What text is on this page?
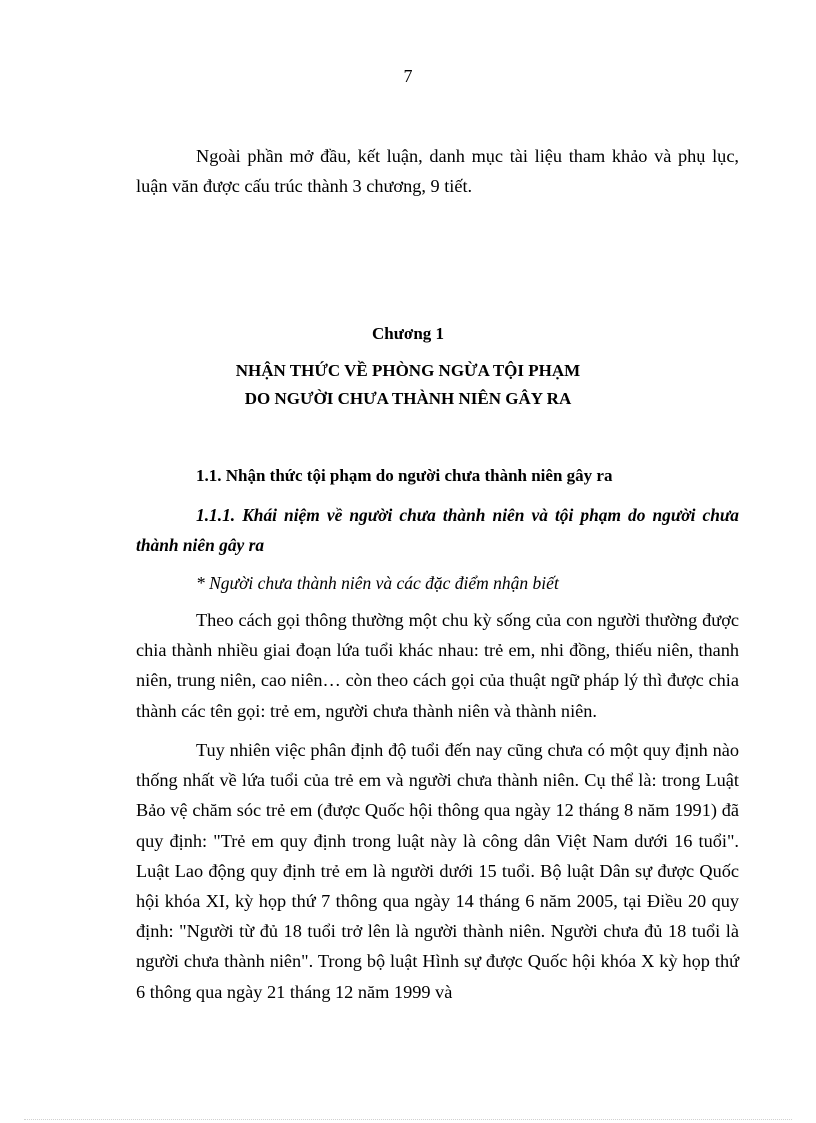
7

Ngoài phần mở đầu, kết luận, danh mục tài liệu tham khảo và phụ lục, luận văn được cấu trúc thành 3 chương, 9 tiết.

Chương 1
NHẬN THỨC VỀ PHÒNG NGỪA TỘI PHẠM
DO NGƯỜI CHƯA THÀNH NIÊN GÂY RA
1.1. Nhận thức tội phạm do người chưa thành niên gây ra

1.1.1. Khái niệm về người chưa thành niên và tội phạm do người chưa thành niên gây ra

* Người chưa thành niên và các đặc điểm nhận biết

Theo cách gọi thông thường một chu kỳ sống của con người thường được chia thành nhiều giai đoạn lứa tuổi khác nhau: trẻ em, nhi đồng, thiếu niên, thanh niên, trung niên, cao niên… còn theo cách gọi của thuật ngữ pháp lý thì được chia thành các tên gọi: trẻ em, người chưa thành niên và thành niên.

Tuy nhiên việc phân định độ tuổi đến nay cũng chưa có một quy định nào thống nhất về lứa tuổi của trẻ em và người chưa thành niên. Cụ thể là: trong Luật Bảo vệ chăm sóc trẻ em (được Quốc hội thông qua ngày 12 tháng 8 năm 1991) đã quy định: "Trẻ em quy định trong luật này là công dân Việt Nam dưới 16 tuổi". Luật Lao động quy định trẻ em là người dưới 15 tuổi. Bộ luật Dân sự được Quốc hội khóa XI, kỳ họp thứ 7 thông qua ngày 14 tháng 6 năm 2005, tại Điều 20 quy định: "Người từ đủ 18 tuổi trở lên là người thành niên. Người chưa đủ 18 tuổi là người chưa thành niên". Trong bộ luật Hình sự được Quốc hội khóa X kỳ họp thứ 6 thông qua ngày 21 tháng 12 năm 1999 và
